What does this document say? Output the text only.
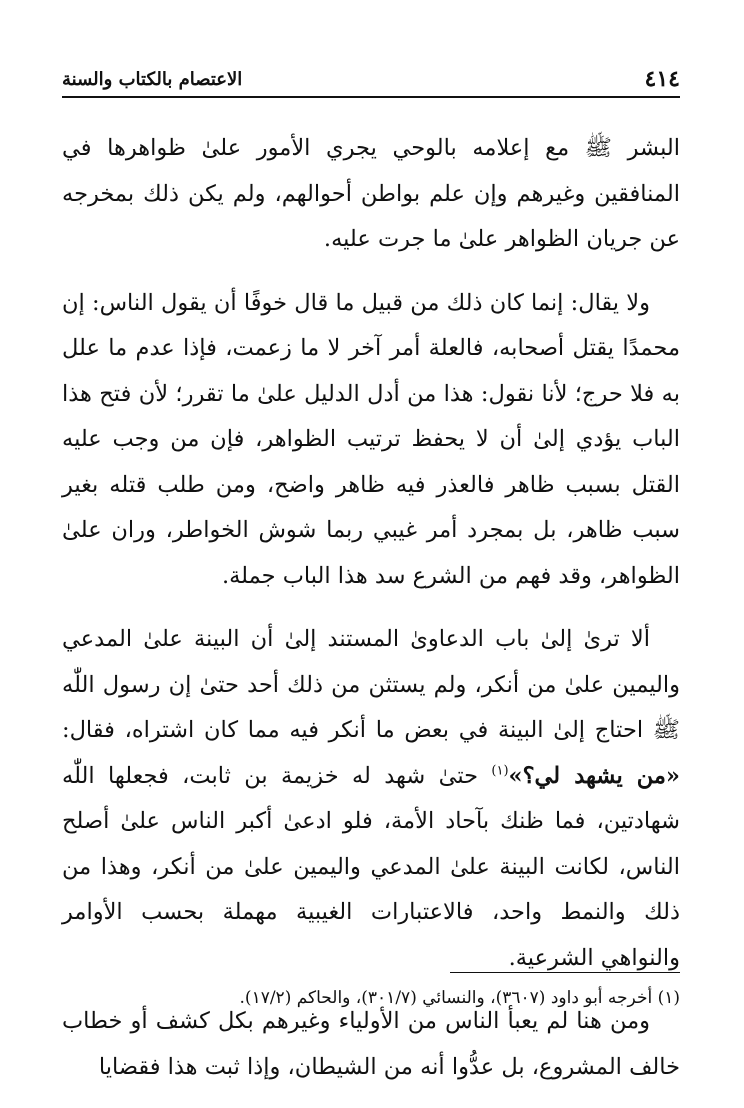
٤١٤
الاعتصام بالكتاب والسنة

البشر ﷺ مع إعلامه بالوحي يجري الأمور علىٰ ظواهرها في المنافقين وغيرهم وإن علم بواطن أحوالهم، ولم يكن ذلك بمخرجه عن جريان الظواهر علىٰ ما جرت عليه.

ولا يقال: إنما كان ذلك من قبيل ما قال خوفًا أن يقول الناس: إن محمدًا يقتل أصحابه، فالعلة أمر آخر لا ما زعمت، فإذا عدم ما علل به فلا حرج؛ لأنا نقول: هذا من أدل الدليل علىٰ ما تقرر؛ لأن فتح هذا الباب يؤدي إلىٰ أن لا يحفظ ترتيب الظواهر، فإن من وجب عليه القتل بسبب ظاهر فالعذر فيه ظاهر واضح، ومن طلب قتله بغير سبب ظاهر، بل بمجرد أمر غيبي ربما شوش الخواطر، وران علىٰ الظواهر، وقد فهم من الشرع سد هذا الباب جملة.

ألا ترىٰ إلىٰ باب الدعاوىٰ المستند إلىٰ أن البينة علىٰ المدعي واليمين علىٰ من أنكر، ولم يستثن من ذلك أحد حتىٰ إن رسول اللّٰه ﷺ احتاج إلىٰ البينة في بعض ما أنكر فيه مما كان اشتراه، فقال: «من يشهد لي؟»$^{(١)}$ حتىٰ شهد له خزيمة بن ثابت، فجعلها اللّٰه شهادتين، فما ظنك بآحاد الأمة، فلو ادعىٰ أكبر الناس علىٰ أصلح الناس، لكانت البينة علىٰ المدعي واليمين علىٰ من أنكر، وهذا من ذلك والنمط واحد، فالاعتبارات الغيبية مهملة بحسب الأوامر والنواهي الشرعية.

ومن هنا لم يعبأ الناس من الأولياء وغيرهم بكل كشف أو خطاب خالف المشروع، بل عدُّوا أنه من الشيطان، وإذا ثبت هذا فقضايا

(١) أخرجه أبو داود (٣٦٠٧)، والنسائي (٣٠١/٧)، والحاكم (١٧/٢).
